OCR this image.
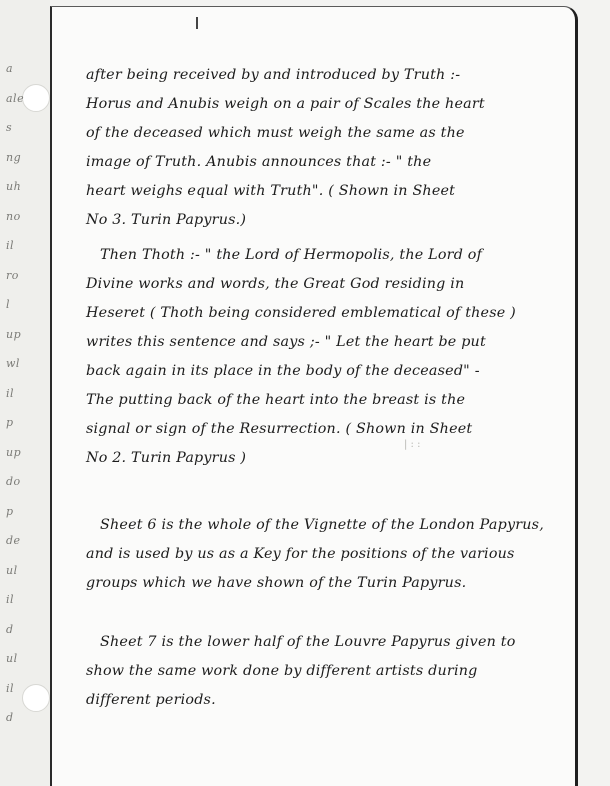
a
ale
s
ng
uh
no
il
ro
l
up
wl
il
p
up
do
p
de
ul
il
d
ul
il
d
after being received by and introduced by Truth :-
Horus and Anubis weigh on a pair of Scales the heart
of the deceased which must weigh the same as the
image of Truth. Anubis announces that :- " the
heart weighs equal with Truth". ( Shown in Sheet
No 3. Turin Papyrus.)
Then Thoth :- " the Lord of Hermopolis, the Lord of
Divine works and words, the Great God residing in
Heseret ( Thoth being considered emblematical of these )
writes this sentence and says ;- " Let the heart be put
back again in its place in the body of the deceased" -
The putting back of the heart into the breast is the
signal or sign of the Resurrection. ( Shown in Sheet
No 2. Turin Papyrus )
Sheet 6 is the whole of the Vignette of the London Papyrus,
and is used by us as a Key for the positions of the various
groups which we have shown of the Turin Papyrus.
Sheet 7 is the lower half of the Louvre Papyrus given to
show the same work done by different artists during
different periods.
| : :
